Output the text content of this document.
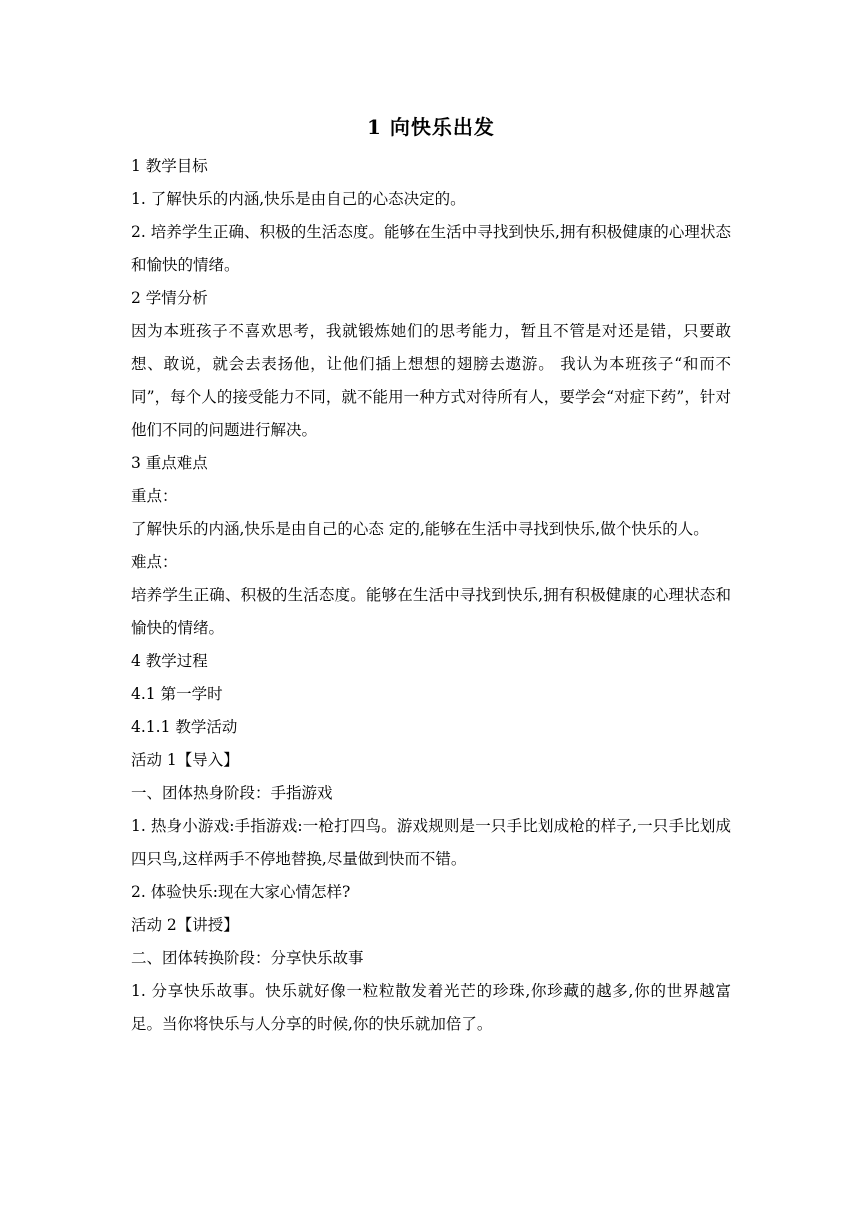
1 向快乐出发

1 教学目标

1. 了解快乐的内涵,快乐是由自己的心态决定的。

2. 培养学生正确、积极的生活态度。能够在生活中寻找到快乐,拥有积极健康的心理状态和愉快的情绪。

2 学情分析

因为本班孩子不喜欢思考，我就锻炼她们的思考能力，暂且不管是对还是错，只要敢想、敢说，就会去表扬他，让他们插上想想的翅膀去遨游。 我认为本班孩子“和而不同”，每个人的接受能力不同，就不能用一种方式对待所有人，要学会“对症下药”，针对他们不同的问题进行解决。

3 重点难点

重点：

了解快乐的内涵,快乐是由自己的心态 定的,能够在生活中寻找到快乐,做个快乐的人。

难点：

培养学生正确、积极的生活态度。能够在生活中寻找到快乐,拥有积极健康的心理状态和愉快的情绪。

4 教学过程

4.1 第一学时

4.1.1 教学活动

活动 1【导入】

一、团体热身阶段：手指游戏

1. 热身小游戏:手指游戏:一枪打四鸟。游戏规则是一只手比划成枪的样子,一只手比划成四只鸟,这样两手不停地替换,尽量做到快而不错。

2. 体验快乐:现在大家心情怎样?

活动 2【讲授】

二、团体转换阶段：分享快乐故事

1. 分享快乐故事。快乐就好像一粒粒散发着光芒的珍珠,你珍藏的越多,你的世界越富足。当你将快乐与人分享的时候,你的快乐就加倍了。
